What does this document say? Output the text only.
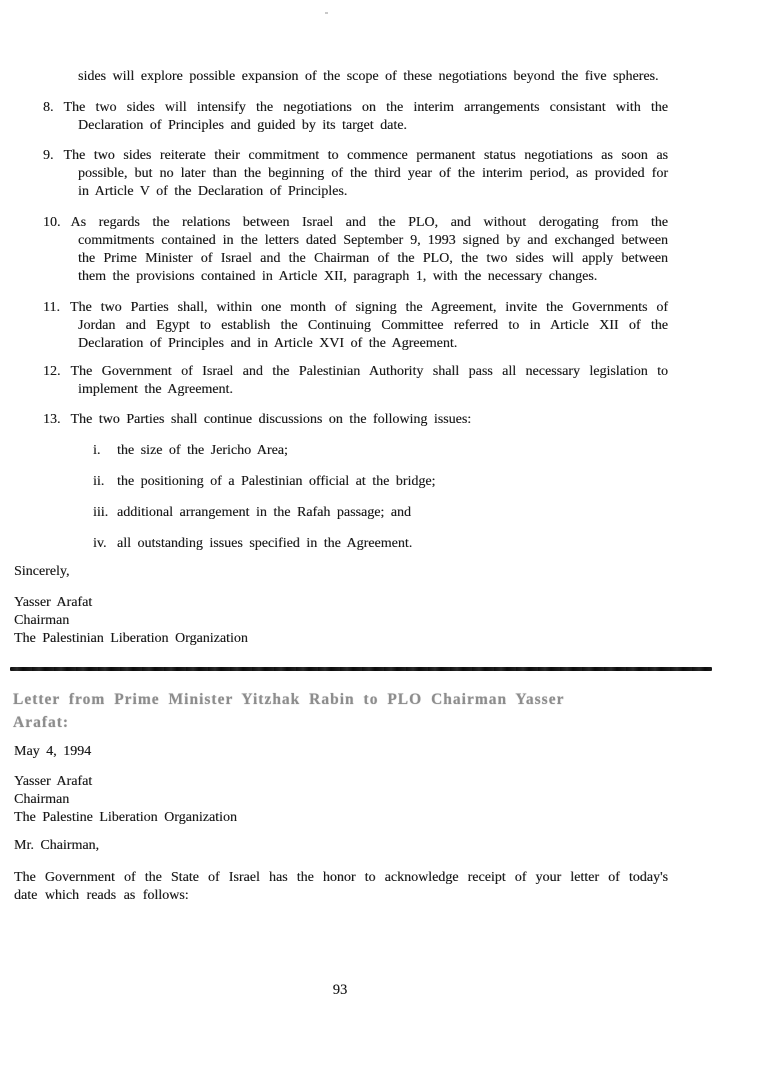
sides will explore possible expansion of the scope of these negotiations beyond the five spheres.

8. The two sides will intensify the negotiations on the interim arrangements consistant with the Declaration of Principles and guided by its target date.
9. The two sides reiterate their commitment to commence permanent status negotiations as soon as possible, but no later than the beginning of the third year of the interim period, as provided for in Article V of the Declaration of Principles.
10. As regards the relations between Israel and the PLO, and without derogating from the commitments contained in the letters dated September 9, 1993 signed by and exchanged between the Prime Minister of Israel and the Chairman of the PLO, the two sides will apply between them the provisions contained in Article XII, paragraph 1, with the necessary changes.
11. The two Parties shall, within one month of signing the Agreement, invite the Governments of Jordan and Egypt to establish the Continuing Committee referred to in Article XII of the Declaration of Principles and in Article XVI of the Agreement.
12. The Government of Israel and the Palestinian Authority shall pass all necessary legislation to implement the Agreement.
13. The two Parties shall continue discussions on the following issues:
i. the size of the Jericho Area;
ii. the positioning of a Palestinian official at the bridge;
iii. additional arrangement in the Rafah passage; and
iv. all outstanding issues specified in the Agreement.
Sincerely,
Yasser Arafat
Chairman
The Palestinian Liberation Organization
Letter from Prime Minister Yitzhak Rabin to PLO Chairman Yasser
Arafat:
May 4, 1994
Yasser Arafat
Chairman
The Palestine Liberation Organization
Mr. Chairman,

The Government of the State of Israel has the honor to acknowledge receipt of your letter of today's date which reads as follows:

93
